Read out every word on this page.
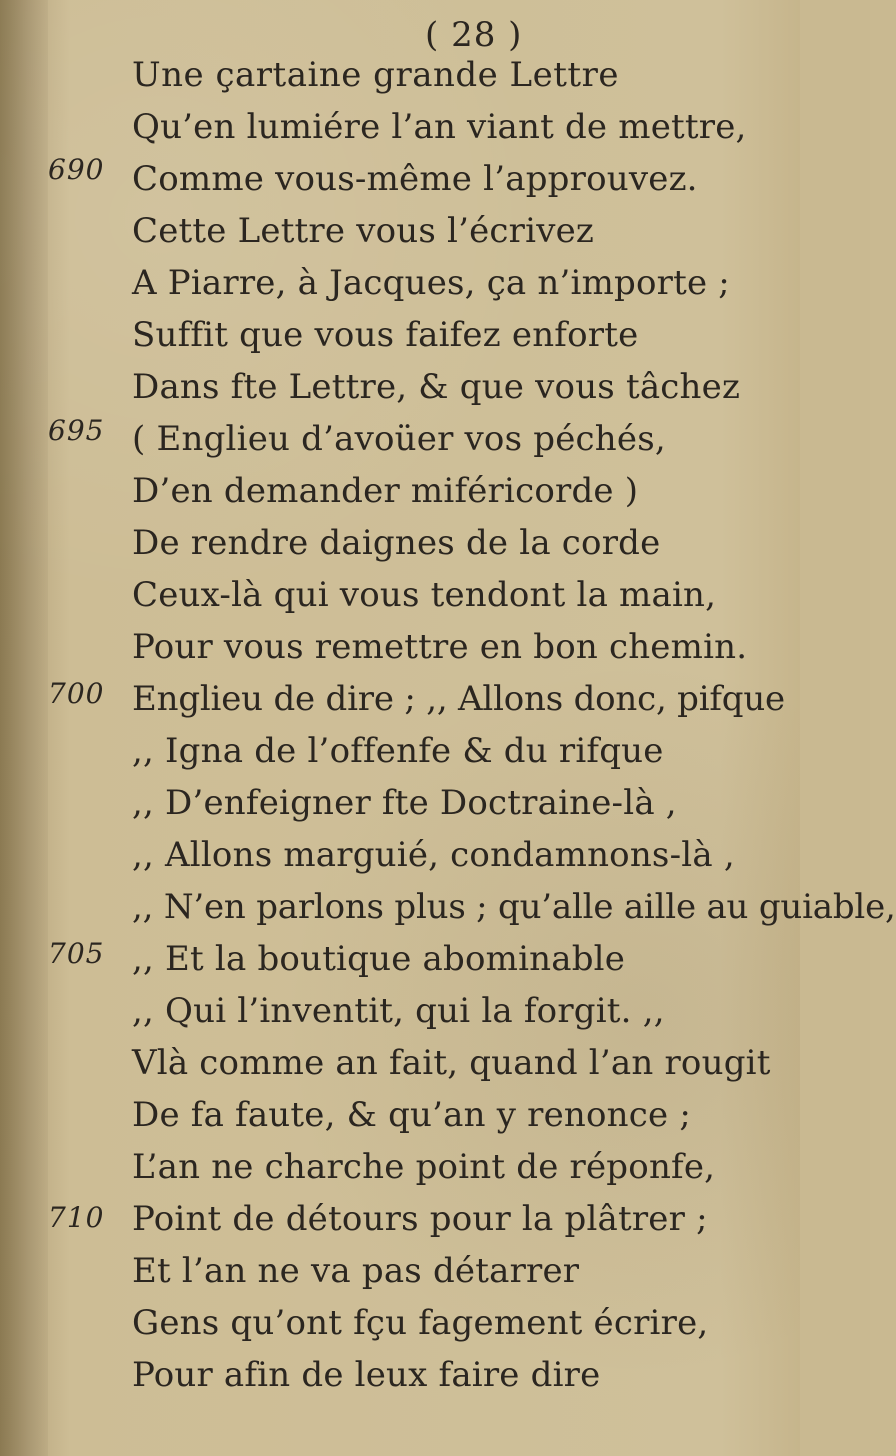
( 28 )
690
695
700
705
710
Une çartaine grande Lettre
Qu’en lumiére l’an viant de mettre,
Comme vous-même l’approuvez.
Cette Lettre vous l’écrivez
A Piarre, à Jacques, ça n’importe ;
Suffit que vous faifez enforte
Dans fte Lettre, & que vous tâchez
( Englieu d’avoüer vos péchés,
D’en demander miféricorde )
De rendre daignes de la corde
Ceux-là qui vous tendont la main,
Pour vous remettre en bon chemin.
Englieu de dire ; ,, Allons donc, pifque
,, Igna de l’offenfe & du rifque
,, D’enfeigner fte Doctraine-là ,
,, Allons marguié, condamnons-là ,
,, N’en parlons plus ; qu’alle aille au guiable,
,, Et la boutique abominable
,, Qui l’inventit, qui la forgit. ,,
Vlà comme an fait, quand l’an rougit
De fa faute, & qu’an y renonce ;
L’an ne charche point de réponfe,
Point de détours pour la plâtrer ;
Et l’an ne va pas détarrer
Gens qu’ont fçu fagement écrire,
Pour afin de leux faire dire
